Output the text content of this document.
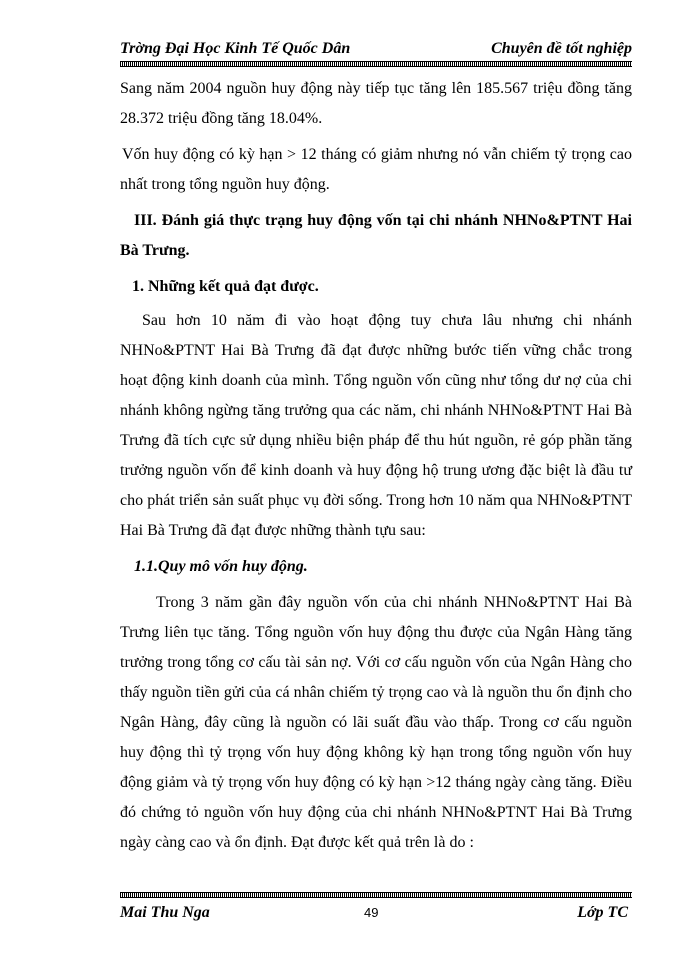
Trờng Đại Học Kinh Tế Quốc Dân	Chuyên đề tốt nghiệp

Sang năm 2004 nguồn huy động này tiếp tục tăng lên 185.567 triệu đồng tăng 28.372 triệu đồng tăng 18.04%.

Vốn huy động có kỳ hạn > 12 tháng có giảm nhưng nó vẫn chiếm tỷ trọng cao nhất trong tổng nguồn huy động.

III. Đánh giá thực trạng huy động vốn tại chi nhánh NHNo&PTNT Hai Bà Trưng.

1. Những kết quả đạt được.

Sau hơn 10 năm đi vào hoạt động tuy chưa lâu nhưng chi nhánh NHNo&PTNT Hai Bà Trưng đã đạt được những bước tiến vững chắc trong hoạt động kinh doanh của mình. Tổng nguồn vốn cũng như tổng dư nợ của chi nhánh không ngừng tăng trưởng qua các năm, chi nhánh NHNo&PTNT Hai Bà Trưng đã tích cực sử dụng nhiều biện pháp để thu hút nguồn, rẻ góp phần tăng trưởng nguồn vốn để kinh doanh và huy động hộ trung ương đặc biệt là đầu tư cho phát triển sản suất phục vụ đời sống. Trong hơn 10 năm qua NHNo&PTNT Hai Bà Trưng đã đạt được những thành tựu sau:

1.1.Quy mô vốn huy động.

Trong 3 năm gần đây nguồn vốn của chi nhánh NHNo&PTNT Hai Bà Trưng liên tục tăng. Tổng nguồn vốn huy động thu được của Ngân Hàng tăng trưởng trong tổng cơ cấu tài sản nợ. Với cơ cấu nguồn vốn của Ngân Hàng cho thấy nguồn tiền gửi của cá nhân chiếm tỷ trọng cao và là nguồn thu ổn định cho Ngân Hàng, đây cũng là nguồn có lãi suất đầu vào thấp. Trong cơ cấu nguồn huy động thì tỷ trọng vốn huy động không kỳ hạn trong tổng nguồn vốn huy động giảm và tỷ trọng vốn huy động có kỳ hạn >12 tháng ngày càng tăng. Điều đó chứng tỏ nguồn vốn huy động của chi nhánh NHNo&PTNT Hai Bà Trưng ngày càng cao và ổn định. Đạt được kết quả trên là do :

Mai Thu Nga	49	Lớp TC
